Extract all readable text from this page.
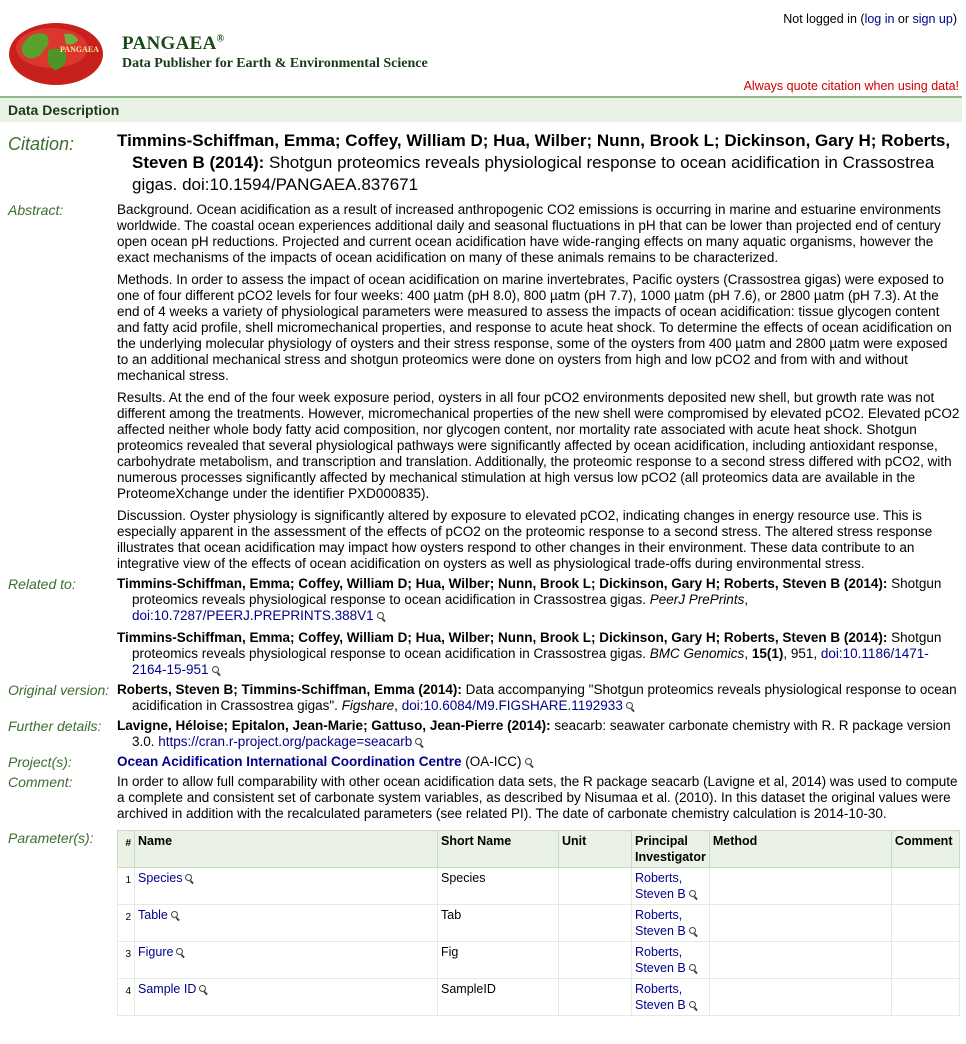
PANGAEA PANGAEA®
Data Publisher for Earth & Environmental Science
Not logged in (log in or sign up)
Always quote citation when using data!
Data Description
Citation:	Timmins-Schiffman, Emma; Coffey, William D; Hua, Wilber; Nunn, Brook L; Dickinson, Gary H; Roberts, Steven B (2014): Shotgun proteomics reveals physiological response to ocean acidification in Crassostrea gigas. doi:10.1594/PANGAEA.837671
Abstract:	Background. Ocean acidification as a result of increased anthropogenic CO2 emissions is occurring in marine and estuarine environments worldwide. The coastal ocean experiences additional daily and seasonal fluctuations in pH that can be lower than projected end of century open ocean pH reductions. Projected and current ocean acidification have wide-ranging effects on many aquatic organisms, however the exact mechanisms of the impacts of ocean acidification on many of these animals remains to be characterized.

Methods. In order to assess the impact of ocean acidification on marine invertebrates, Pacific oysters (Crassostrea gigas) were exposed to one of four different pCO2 levels for four weeks: 400 µatm (pH 8.0), 800 µatm (pH 7.7), 1000 µatm (pH 7.6), or 2800 µatm (pH 7.3). At the end of 4 weeks a variety of physiological parameters were measured to assess the impacts of ocean acidification: tissue glycogen content and fatty acid profile, shell micromechanical properties, and response to acute heat shock. To determine the effects of ocean acidification on the underlying molecular physiology of oysters and their stress response, some of the oysters from 400 µatm and 2800 µatm were exposed to an additional mechanical stress and shotgun proteomics were done on oysters from high and low pCO2 and from with and without mechanical stress.

Results. At the end of the four week exposure period, oysters in all four pCO2 environments deposited new shell, but growth rate was not different among the treatments. However, micromechanical properties of the new shell were compromised by elevated pCO2. Elevated pCO2 affected neither whole body fatty acid composition, nor glycogen content, nor mortality rate associated with acute heat shock. Shotgun proteomics revealed that several physiological pathways were significantly affected by ocean acidification, including antioxidant response, carbohydrate metabolism, and transcription and translation. Additionally, the proteomic response to a second stress differed with pCO2, with numerous processes significantly affected by mechanical stimulation at high versus low pCO2 (all proteomics data are available in the ProteomeXchange under the identifier PXD000835).

Discussion. Oyster physiology is significantly altered by exposure to elevated pCO2, indicating changes in energy resource use. This is especially apparent in the assessment of the effects of pCO2 on the proteomic response to a second stress. The altered stress response illustrates that ocean acidification may impact how oysters respond to other changes in their environment. These data contribute to an integrative view of the effects of ocean acidification on oysters as well as physiological trade-offs during environmental stress.

Related to:	Timmins-Schiffman, Emma; Coffey, William D; Hua, Wilber; Nunn, Brook L; Dickinson, Gary H; Roberts, Steven B (2014): Shotgun proteomics reveals physiological response to ocean acidification in Crassostrea gigas. PeerJ PrePrints, doi:10.7287/PEERJ.PREPRINTS.388V1
Timmins-Schiffman, Emma; Coffey, William D; Hua, Wilber; Nunn, Brook L; Dickinson, Gary H; Roberts, Steven B (2014): Shotgun proteomics reveals physiological response to ocean acidification in Crassostrea gigas. BMC Genomics, 15(1), 951, doi:10.1186/1471-2164-15-951
Original version: Roberts, Steven B; Timmins-Schiffman, Emma (2014): Data accompanying "Shotgun proteomics reveals physiological response to ocean acidification in Crassostrea gigas". Figshare, doi:10.6084/M9.FIGSHARE.1192933
Further details: Lavigne, Héloise; Epitalon, Jean-Marie; Gattuso, Jean-Pierre (2014): seacarb: seawater carbonate chemistry with R. R package version 3.0. https://cran.r-project.org/package=seacarb
Project(s):	Ocean Acidification International Coordination Centre (OA-ICC)
Comment:	In order to allow full comparability with other ocean acidification data sets, the R package seacarb (Lavigne et al, 2014) was used to compute a complete and consistent set of carbonate system variables, as described by Nisumaa et al. (2010). In this dataset the original values were archived in addition with the recalculated parameters (see related PI). The date of carbonate chemistry calculation is 2014-10-30.
Parameter(s):	#	Name	Short Name	Unit	Principal Investigator	Method	Comment
1	Species	Species		Roberts, Steven B		
2	Table	Tab		Roberts, Steven B		
3	Figure	Fig		Roberts, Steven B		
4	Sample ID	SampleID		Roberts, Steven B		
